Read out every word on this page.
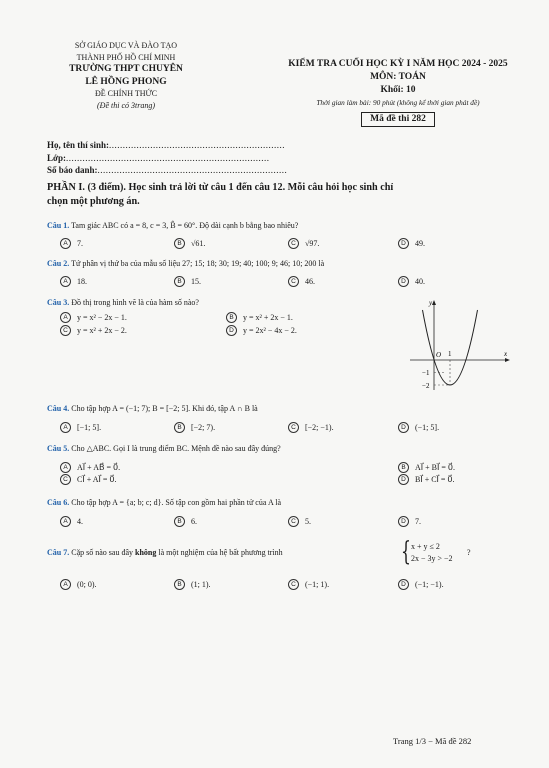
SỞ GIÁO DỤC VÀ ĐÀO TẠO
THÀNH PHỐ HỒ CHÍ MINH
TRƯỜNG THPT CHUYÊN
LÊ HỒNG PHONG
ĐỀ CHÍNH THỨC
(Đề thi có 3trang)
KIỂM TRA CUỐI HỌC KỲ I NĂM HỌC 2024 - 2025
MÔN: TOÁN
Khối: 10
Thời gian làm bài: 90 phút (không kể thời gian phát đề)
Mã đề thi 282
Họ, tên thí sinh:................................................................
Lớp:..........................................................................
Số báo danh:.....................................................................
PHẦN I. (3 điểm). Học sinh trả lời từ câu 1 đến câu 12. Mỗi câu hỏi học sinh chỉ
chọn một phương án.
Câu 1. Tam giác ABC có a = 8, c = 3, B̂ = 60°. Độ dài cạnh b bằng bao nhiêu?
A 7.	B √61.	C √97.	D 49.
Câu 2. Tứ phân vị thứ ba của mẫu số liệu 27; 15; 18; 30; 19; 40; 100; 9; 46; 10; 200 là
A 18.	B 15.	C 46.	D 40.
Câu 3. Đồ thị trong hình vẽ là của hàm số nào?
A y = x² − 2x − 1.	B y = x² + 2x − 1.
C y = x² + 2x − 2.	D y = 2x² − 4x − 2.
y
x
O 1
−1
−2
Câu 4. Cho tập hợp A = (−1; 7); B = [−2; 5]. Khi đó, tập A ∩ B là
A [−1; 5].	B [−2; 7).	C [−2; −1).	D (−1; 5].
Câu 5. Cho △ABC. Gọi I là trung điểm BC. Mệnh đề nào sau đây đúng?
A AI⃗ + AB⃗ = 0⃗.	B AI⃗ + BI⃗ = 0⃗.
C CI⃗ + AI⃗ = 0⃗.	D BI⃗ + CI⃗ = 0⃗.
Câu 6. Cho tập hợp A = {a; b; c; d}. Số tập con gồm hai phần tử của A là
A 4.	B 6.	C 5.	D 7.
Câu 7. Cặp số nào sau đây không là một nghiệm của hệ bất phương trình	{ x + y ≤ 2
2x − 3y > −2
?
A (0; 0).	B (1; 1).	C (−1; 1).	D (−1; −1).
Trang 1/3 − Mã đề 282
